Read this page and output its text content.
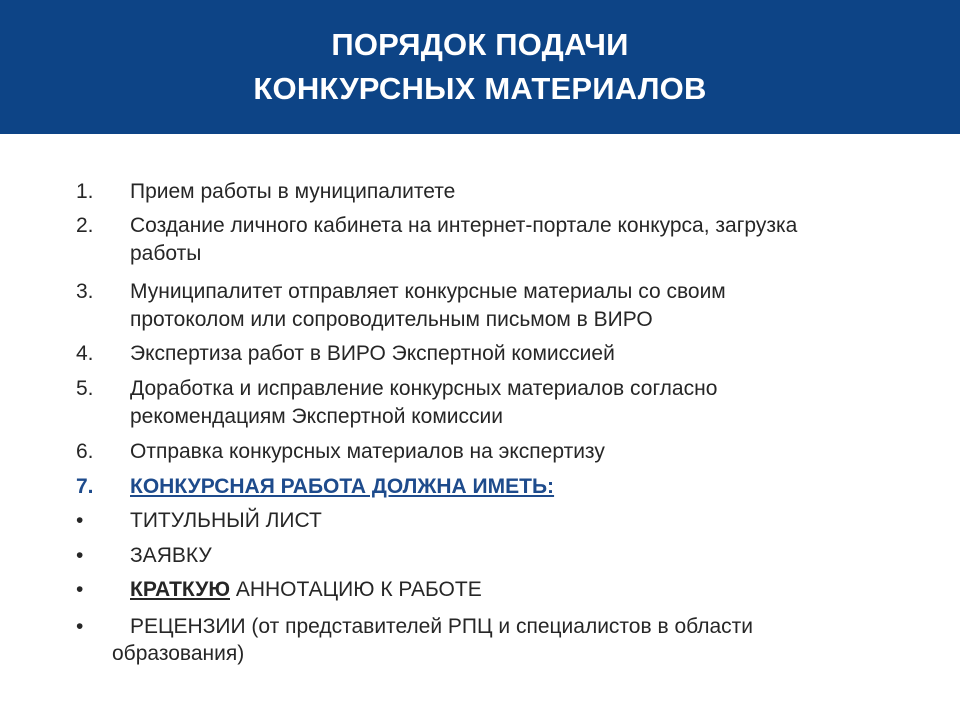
ПОРЯДОК ПОДАЧИ
КОНКУРСНЫХ МАТЕРИАЛОВ
1.	Прием работы в муниципалитете
2.	Создание личного кабинета на интернет-портале конкурса, загрузка
работы
3.	Муниципалитет отправляет конкурсные материалы со своим
протоколом или сопроводительным письмом в ВИРО
4.	Экспертиза работ в ВИРО Экспертной комиссией
5.	Доработка и исправление конкурсных материалов согласно
рекомендациям Экспертной комиссии
6.	Отправка конкурсных материалов на экспертизу
7.	КОНКУРСНАЯ РАБОТА ДОЛЖНА ИМЕТЬ:
•	ТИТУЛЬНЫЙ ЛИСТ
•	ЗАЯВКУ
•	КРАТКУЮ АННОТАЦИЮ К РАБОТЕ
•	РЕЦЕНЗИИ (от представителей РПЦ и специалистов в области
образования)
